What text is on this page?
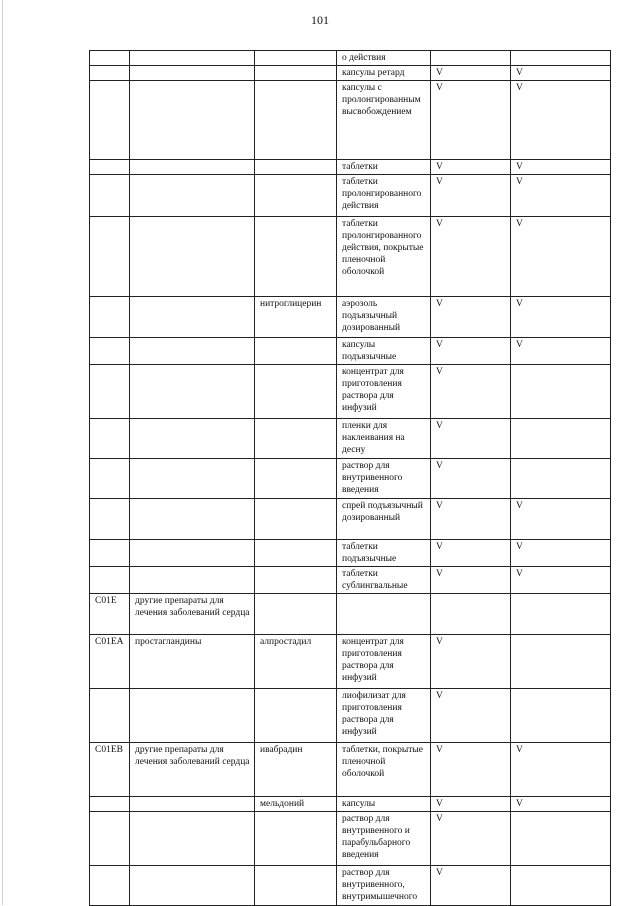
101
			о действия		
			капсулы ретард	V	V
			капсулы с пролонгированным высвобождением	V	V
			таблетки	V	V
			таблетки пролонгированного действия	V	V
			таблетки пролонгированного действия, покрытые пленочной оболочкой	V	V
		нитроглицерин	аэрозоль подъязычный дозированный	V	V
			капсулы подъязычные	V	V
			концентрат для приготовления раствора для инфузий	V	
			пленки для наклеивания на десну	V	
			раствор для внутривенного введения	V	
			спрей подъязычный дозированный	V	V
			таблетки подъязычные	V	V
			таблетки сублингвальные	V	V
C01E	другие препараты для лечения заболеваний сердца				
C01EA	простагландины	алпростадил	концентрат для приготовления раствора для инфузий	V	
			лиофилизат для приготовления раствора для инфузий	V	
C01EB	другие препараты для лечения заболеваний сердца	ивабрадин	таблетки, покрытые пленочной оболочкой	V	V
		мельдоний	капсулы	V	V
			раствор для внутривенного и парабульбарного введения	V	
			раствор для внутривенного, внутримышечного	V	
